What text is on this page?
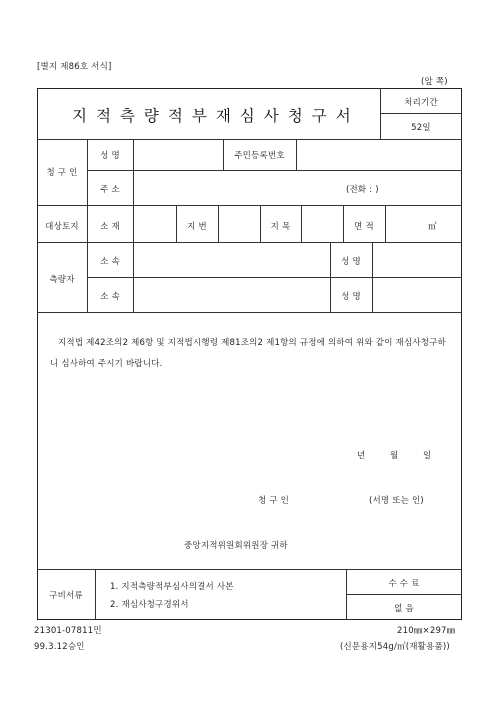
[별지 제86호 서식]
(앞 쪽)
지적측량적부재심사청구서
처리기간
52일
청 구 인
성 명	주민등록번호
주 소	(전화 : )
대상토지	소 재	지 번	지 목	면 적	㎡
측량자
소 속	성 명
소 속	성 명
지적법 제42조의2 제6항 및 지적법시행령 제81조의2 제1항의 규정에 의하여 위와 같이 재심사청구하니 심사하여 주시기 바랍니다.
년	월	일
청 구 인	(서명 또는 인)
중앙지적위원회위원장 귀하
구비서류
1. 지적측량적부심사의결서 사본
2. 재심사청구경위서
수 수 료
없 음
21301-07811민
99.3.12승인
210㎜×297㎜
(신문용지54g/㎡(재활용품))
